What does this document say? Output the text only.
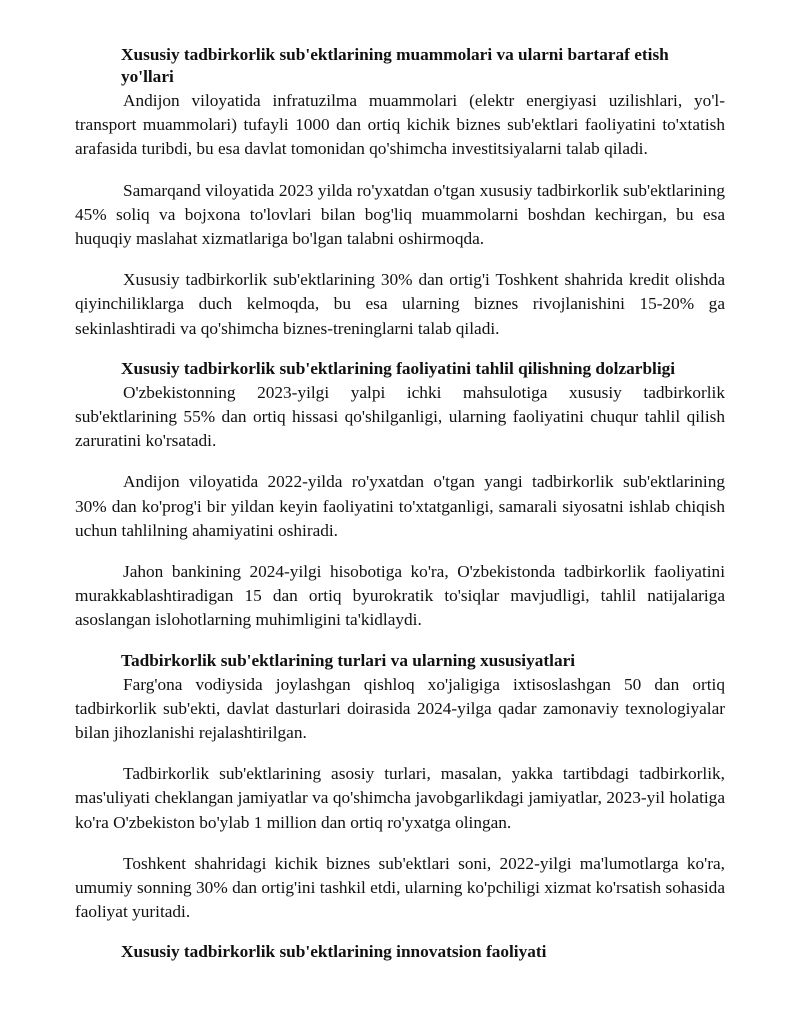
Xususiy tadbirkorlik sub'ektlarining muammolari va ularni bartaraf etish yo'llari

Andijon viloyatida infratuzilma muammolari (elektr energiyasi uzilishlari, yo'l-transport muammolari) tufayli 1000 dan ortiq kichik biznes sub'ektlari faoliyatini to'xtatish arafasida turibdi, bu esa davlat tomonidan qo'shimcha investitsiyalarni talab qiladi.

Samarqand viloyatida 2023 yilda ro'yxatdan o'tgan xususiy tadbirkorlik sub'ektlarining 45% soliq va bojxona to'lovlari bilan bog'liq muammolarni boshdan kechirgan, bu esa huquqiy maslahat xizmatlariga bo'lgan talabni oshirmoqda.

Xususiy tadbirkorlik sub'ektlarining 30% dan ortig'i Toshkent shahrida kredit olishda qiyinchiliklarga duch kelmoqda, bu esa ularning biznes rivojlanishini 15-20% ga sekinlashtiradi va qo'shimcha biznes-treninglarni talab qiladi.

Xususiy tadbirkorlik sub'ektlarining faoliyatini tahlil qilishning dolzarbligi

O'zbekistonning 2023-yilgi yalpi ichki mahsulotiga xususiy tadbirkorlik sub'ektlarining 55% dan ortiq hissasi qo'shilganligi, ularning faoliyatini chuqur tahlil qilish zaruratini ko'rsatadi.

Andijon viloyatida 2022-yilda ro'yxatdan o'tgan yangi tadbirkorlik sub'ektlarining 30% dan ko'prog'i bir yildan keyin faoliyatini to'xtatganligi, samarali siyosatni ishlab chiqish uchun tahlilning ahamiyatini oshiradi.

Jahon bankining 2024-yilgi hisobotiga ko'ra, O'zbekistonda tadbirkorlik faoliyatini murakkablashtiradigan 15 dan ortiq byurokratik to'siqlar mavjudligi, tahlil natijalariga asoslangan islohotlarning muhimligini ta'kidlaydi.

Tadbirkorlik sub'ektlarining turlari va ularning xususiyatlari

Farg'ona vodiysida joylashgan qishloq xo'jaligiga ixtisoslashgan 50 dan ortiq tadbirkorlik sub'ekti, davlat dasturlari doirasida 2024-yilga qadar zamonaviy texnologiyalar bilan jihozlanishi rejalashtirilgan.

Tadbirkorlik sub'ektlarining asosiy turlari, masalan, yakka tartibdagi tadbirkorlik, mas'uliyati cheklangan jamiyatlar va qo'shimcha javobgarlikdagi jamiyatlar, 2023-yil holatiga ko'ra O'zbekiston bo'ylab 1 million dan ortiq ro'yxatga olingan.

Toshkent shahridagi kichik biznes sub'ektlari soni, 2022-yilgi ma'lumotlarga ko'ra, umumiy sonning 30% dan ortig'ini tashkil etdi, ularning ko'pchiligi xizmat ko'rsatish sohasida faoliyat yuritadi.

Xususiy tadbirkorlik sub'ektlarining innovatsion faoliyati
